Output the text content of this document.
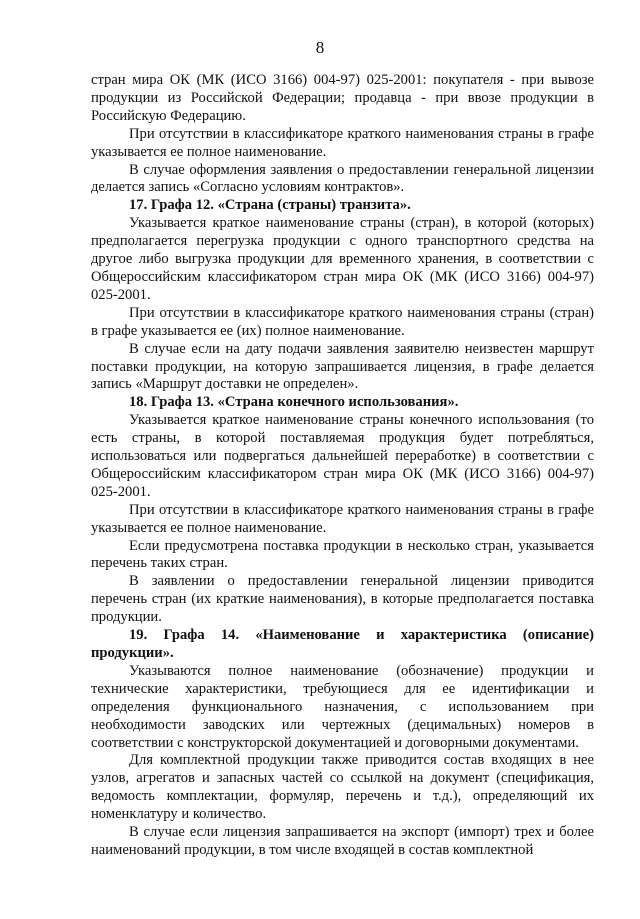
8

стран мира ОК (МК (ИСО 3166) 004-97) 025-2001: покупателя - при вывозе продукции из Российской Федерации; продавца - при ввозе продукции в Российскую Федерацию.

При отсутствии в классификаторе краткого наименования страны в графе указывается ее полное наименование.

В случае оформления заявления о предоставлении генеральной лицензии делается запись «Согласно условиям контрактов».

17. Графа 12. «Страна (страны) транзита».

Указывается краткое наименование страны (стран), в которой (которых) предполагается перегрузка продукции с одного транспортного средства на другое либо выгрузка продукции для временного хранения, в соответствии с Общероссийским классификатором стран мира ОК (МК (ИСО 3166) 004-97) 025-2001.

При отсутствии в классификаторе краткого наименования страны (стран) в графе указывается ее (их) полное наименование.

В случае если на дату подачи заявления заявителю неизвестен маршрут поставки продукции, на которую запрашивается лицензия, в графе делается запись «Маршрут доставки не определен».

18. Графа 13. «Страна конечного использования».

Указывается краткое наименование страны конечного использования (то есть страны, в которой поставляемая продукция будет потребляться, использоваться или подвергаться дальнейшей переработке) в соответствии с Общероссийским классификатором стран мира ОК (МК (ИСО 3166) 004-97) 025-2001.

При отсутствии в классификаторе краткого наименования страны в графе указывается ее полное наименование.

Если предусмотрена поставка продукции в несколько стран, указывается перечень таких стран.

В заявлении о предоставлении генеральной лицензии приводится перечень стран (их краткие наименования), в которые предполагается поставка продукции.

19. Графа 14. «Наименование и характеристика (описание) продукции».

Указываются полное наименование (обозначение) продукции и технические характеристики, требующиеся для ее идентификации и определения функционального назначения, с использованием при необходимости заводских или чертежных (децимальных) номеров в соответствии с конструкторской документацией и договорными документами.

Для комплектной продукции также приводится состав входящих в нее узлов, агрегатов и запасных частей со ссылкой на документ (спецификация, ведомость комплектации, формуляр, перечень и т.д.), определяющий их номенклатуру и количество.

В случае если лицензия запрашивается на экспорт (импорт) трех и более наименований продукции, в том числе входящей в состав комплектной
